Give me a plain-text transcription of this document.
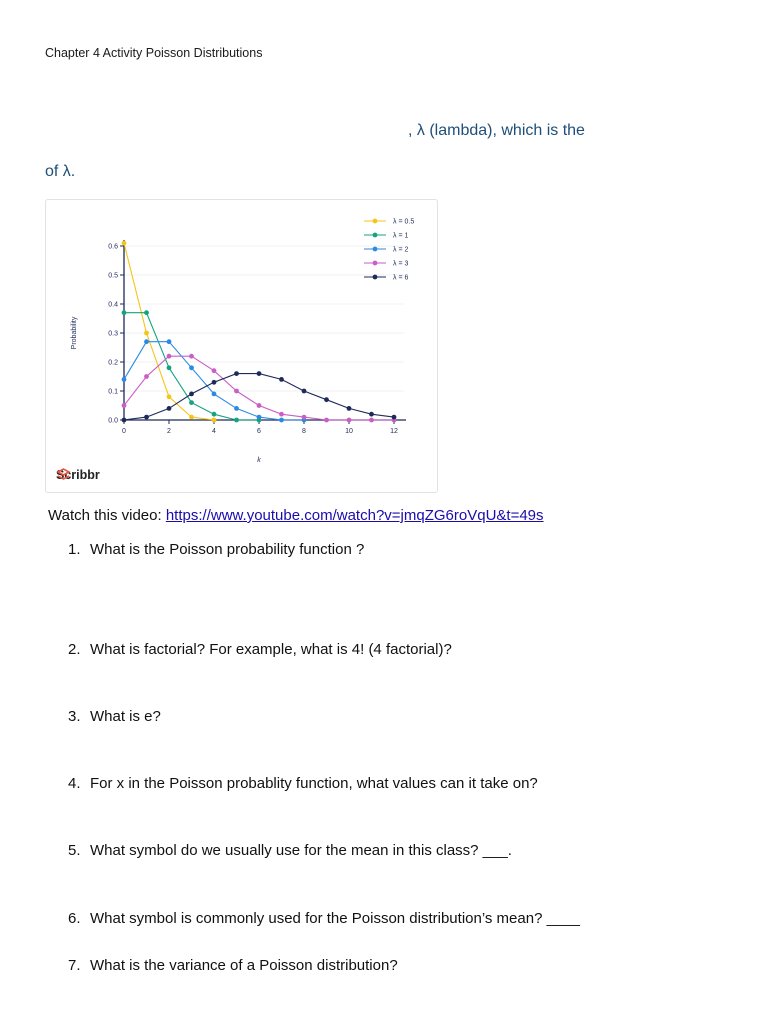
Chapter 4 Activity Poisson Distributions
, λ (lambda), which is the
of λ.
0.0
0.1
0.2
0.3
0.4
0.5
0.6
0	2	4	6	8	10	12
Probability
k
λ = 0.5
λ = 1
λ = 2
λ = 3
λ = 6
Scribbr
Watch this video: https://www.youtube.com/watch?v=jmqZG6roVqU&t=49s
1. What is the Poisson probability function ?
2. What is factorial? For example, what is 4! (4 factorial)?
3. What is e?
4. For x in the Poisson probablity function, what values can it take on?
5. What symbol do we usually use for the mean in this class? ___.
6. What symbol is commonly used for the Poisson distribution’s mean? ____
7. What is the variance of a Poisson distribution?
